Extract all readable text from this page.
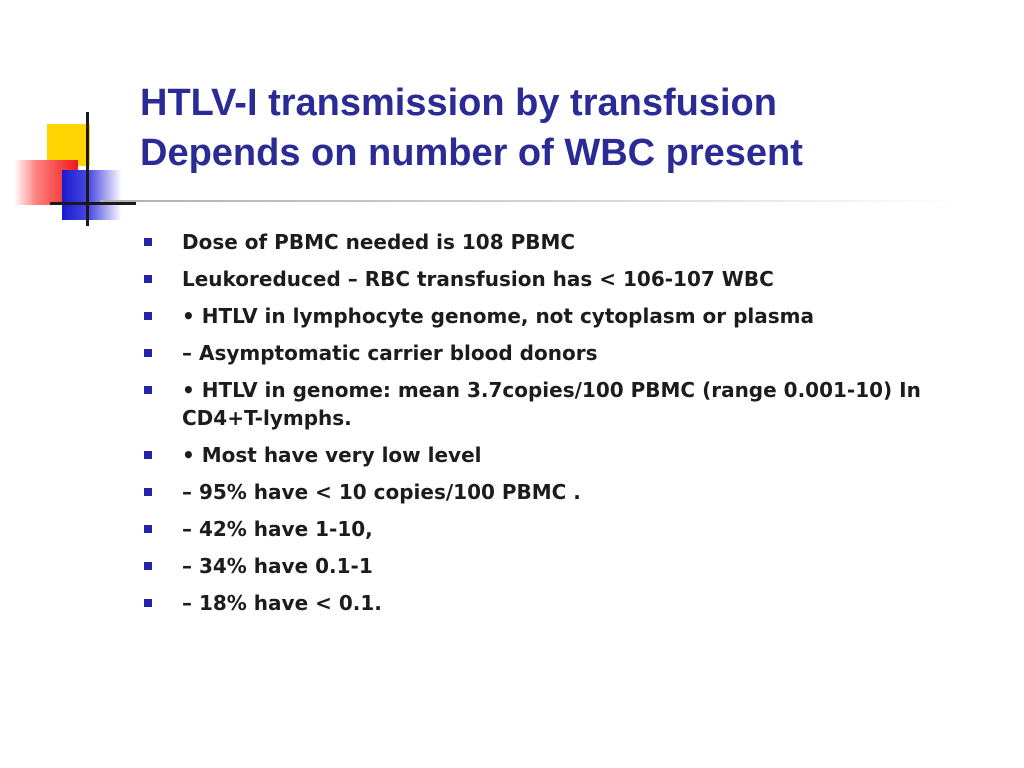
HTLV-I transmission by transfusion
Depends on number of WBC present
Dose of PBMC needed is 108 PBMC
Leukoreduced – RBC transfusion has < 106-107 WBC
• HTLV in lymphocyte genome, not cytoplasm or plasma
– Asymptomatic carrier blood donors
• HTLV in genome: mean 3.7copies/100 PBMC (range 0.001-10) In CD4+T-lymphs.
• Most have very low level
– 95% have < 10 copies/100 PBMC .
– 42% have 1-10,
– 34% have 0.1-1
– 18% have < 0.1.
